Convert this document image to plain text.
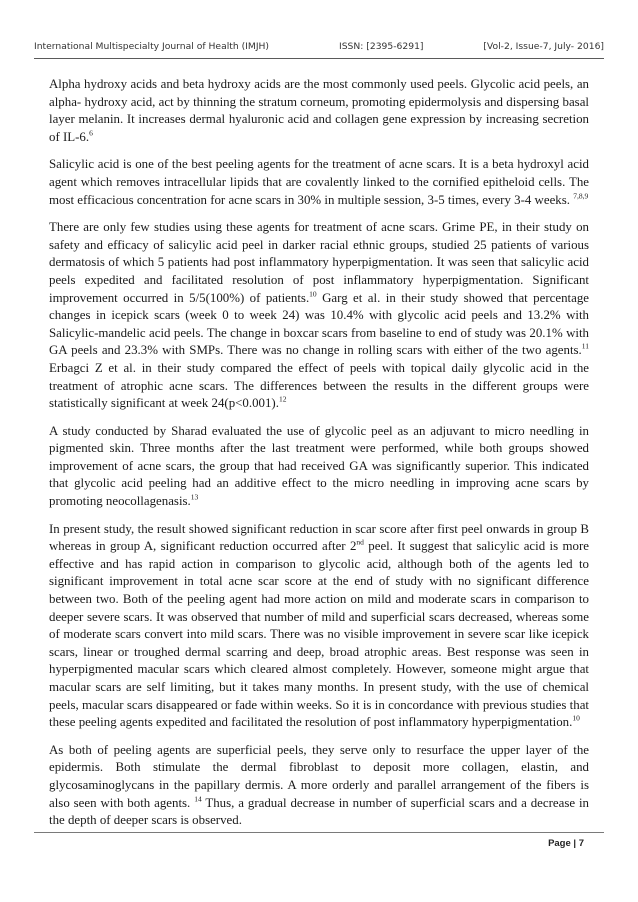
International Multispecialty Journal of Health (IMJH)	ISSN: [2395-6291]	[Vol-2, Issue-7, July- 2016]

Alpha hydroxy acids and beta hydroxy acids are the most commonly used peels. Glycolic acid peels, an alpha- hydroxy acid, act by thinning the stratum corneum, promoting epidermolysis and dispersing basal layer melanin. It increases dermal hyaluronic acid and collagen gene expression by increasing secretion of IL-6.$^6$

Salicylic acid is one of the best peeling agents for the treatment of acne scars. It is a beta hydroxyl acid agent which removes intracellular lipids that are covalently linked to the cornified epitheloid cells. The most efficacious concentration for acne scars in 30% in multiple session, 3-5 times, every 3-4 weeks. $^{7,8,9}$

There are only few studies using these agents for treatment of acne scars. Grime PE, in their study on safety and efficacy of salicylic acid peel in darker racial ethnic groups, studied 25 patients of various dermatosis of which 5 patients had post inflammatory hyperpigmentation. It was seen that salicylic acid peels expedited and facilitated resolution of post inflammatory hyperpigmentation. Significant improvement occurred in 5/5(100%) of patients.$^{10}$ Garg et al. in their study showed that percentage changes in icepick scars (week 0 to week 24) was 10.4% with glycolic acid peels and 13.2% with Salicylic-mandelic acid peels. The change in boxcar scars from baseline to end of study was 20.1% with GA peels and 23.3% with SMPs. There was no change in rolling scars with either of the two agents.$^{11}$ Erbagci Z et al. in their study compared the effect of peels with topical daily glycolic acid in the treatment of atrophic acne scars. The differences between the results in the different groups were statistically significant at week 24(p<0.001).$^{12}$

A study conducted by Sharad evaluated the use of glycolic peel as an adjuvant to micro needling in pigmented skin. Three months after the last treatment were performed, while both groups showed improvement of acne scars, the group that had received GA was significantly superior. This indicated that glycolic acid peeling had an additive effect to the micro needling in improving acne scars by promoting neocollagenasis.$^{13}$

In present study, the result showed significant reduction in scar score after first peel onwards in group B whereas in group A, significant reduction occurred after 2nd peel. It suggest that salicylic acid is more effective and has rapid action in comparison to glycolic acid, although both of the agents led to significant improvement in total acne scar score at the end of study with no significant difference between two. Both of the peeling agent had more action on mild and moderate scars in comparison to deeper severe scars. It was observed that number of mild and superficial scars decreased, whereas some of moderate scars convert into mild scars. There was no visible improvement in severe scar like icepick scars, linear or troughed dermal scarring and deep, broad atrophic areas. Best response was seen in hyperpigmented macular scars which cleared almost completely. However, someone might argue that macular scars are self limiting, but it takes many months. In present study, with the use of chemical peels, macular scars disappeared or fade within weeks. So it is in concordance with previous studies that these peeling agents expedited and facilitated the resolution of post inflammatory hyperpigmentation.$^{10}$

As both of peeling agents are superficial peels, they serve only to resurface the upper layer of the epidermis. Both stimulate the dermal fibroblast to deposit more collagen, elastin, and glycosaminoglycans in the papillary dermis. A more orderly and parallel arrangement of the fibers is also seen with both agents. $^{14}$ Thus, a gradual decrease in number of superficial scars and a decrease in the depth of deeper scars is observed.

Page | 7
